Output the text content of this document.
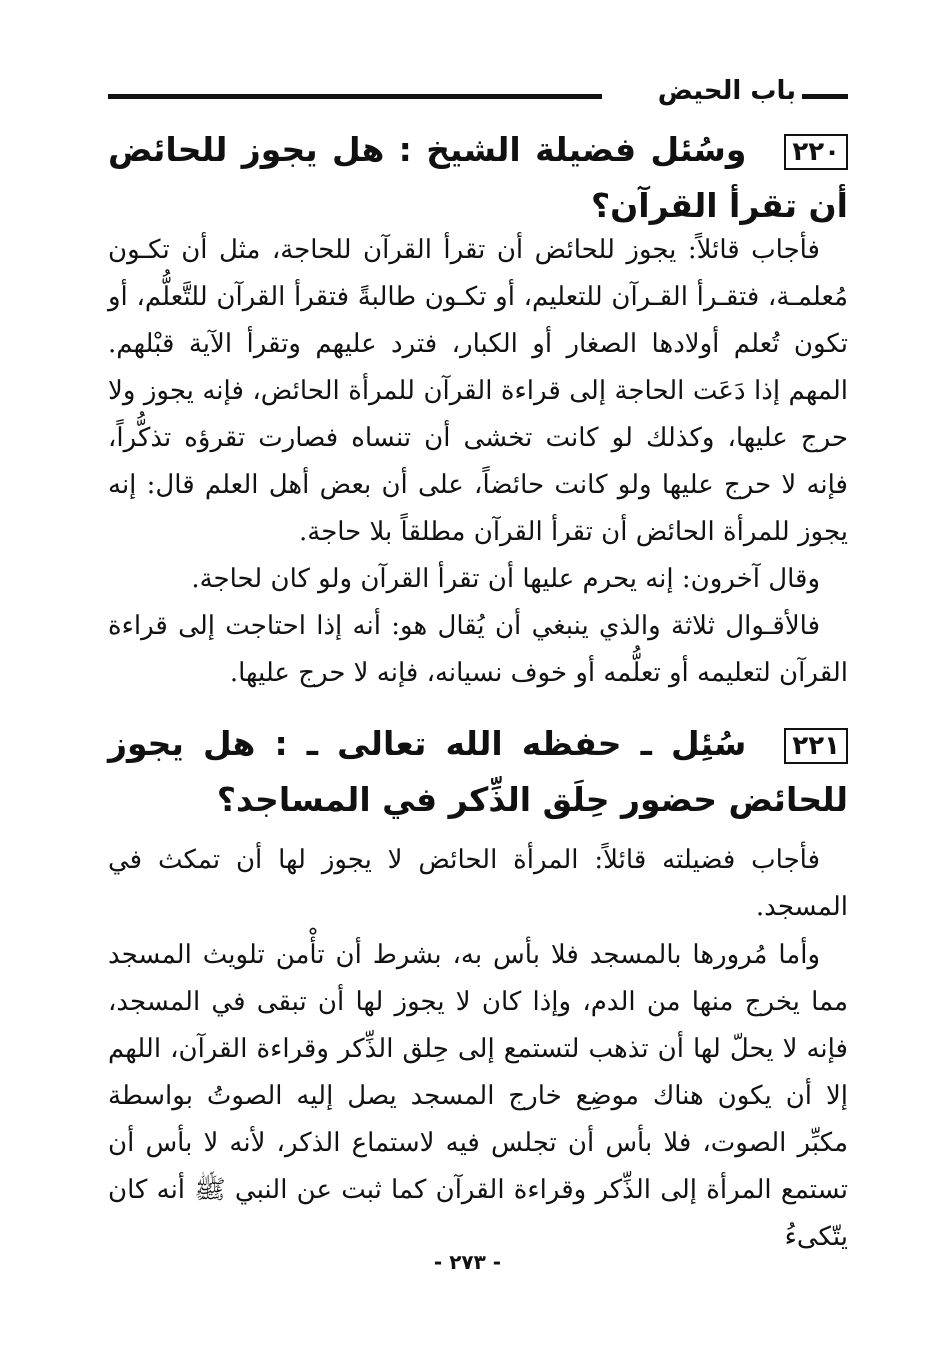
باب الحيض
٢٢٠وسُئل فضيلة الشيخ : هل يجوز للحائض أن تقرأ القرآن؟
فأجاب قائلاً: يجوز للحائض أن تقرأ القرآن للحاجة، مثل أن تكـون مُعلمـة، فتقـرأ القـرآن للتعليم، أو تكـون طالبةً فتقرأ القرآن للتَّعلُّم، أو تكون تُعلم أولادها الصغار أو الكبار، فترد عليهم وتقرأ الآية قبْلهم. المهم إذا دَعَت الحاجة إلى قراءة القرآن للمرأة الحائض، فإنه يجوز ولا حرج عليها، وكذلك لو كانت تخشى أن تنساه فصارت تقرؤه تذكُّراً، فإنه لا حرج عليها ولو كانت حائضاً، على أن بعض أهل العلم قال: إنه يجوز للمرأة الحائض أن تقرأ القرآن مطلقاً بلا حاجة.
وقال آخرون: إنه يحرم عليها أن تقرأ القرآن ولو كان لحاجة.
فالأقـوال ثلاثة والذي ينبغي أن يُقال هو: أنه إذا احتاجت إلى قراءة القرآن لتعليمه أو تعلُّمه أو خوف نسيانه، فإنه لا حرج عليها.
٢٢١سُئِل ـ حفظه الله تعالى ـ : هل يجوز للحائض حضور حِلَق الذِّكر في المساجد؟
فأجاب فضيلته قائلاً: المرأة الحائض لا يجوز لها أن تمكث في المسجد.
وأما مُرورها بالمسجد فلا بأس به، بشرط أن تأْمن تلويث المسجد مما يخرج منها من الدم، وإذا كان لا يجوز لها أن تبقى في المسجد، فإنه لا يحلّ لها أن تذهب لتستمع إلى حِلق الذِّكر وقراءة القرآن، اللهم إلا أن يكون هناك موضِع خارج المسجد يصل إليه الصوتُ بواسطة مكبِّر الصوت، فلا بأس أن تجلس فيه لاستماع الذكر، لأنه لا بأس أن تستمع المرأة إلى الذِّكر وقراءة القرآن كما ثبت عن النبي ﷺ أنه كان يتّكىءُ
- ٢٧٣ -
